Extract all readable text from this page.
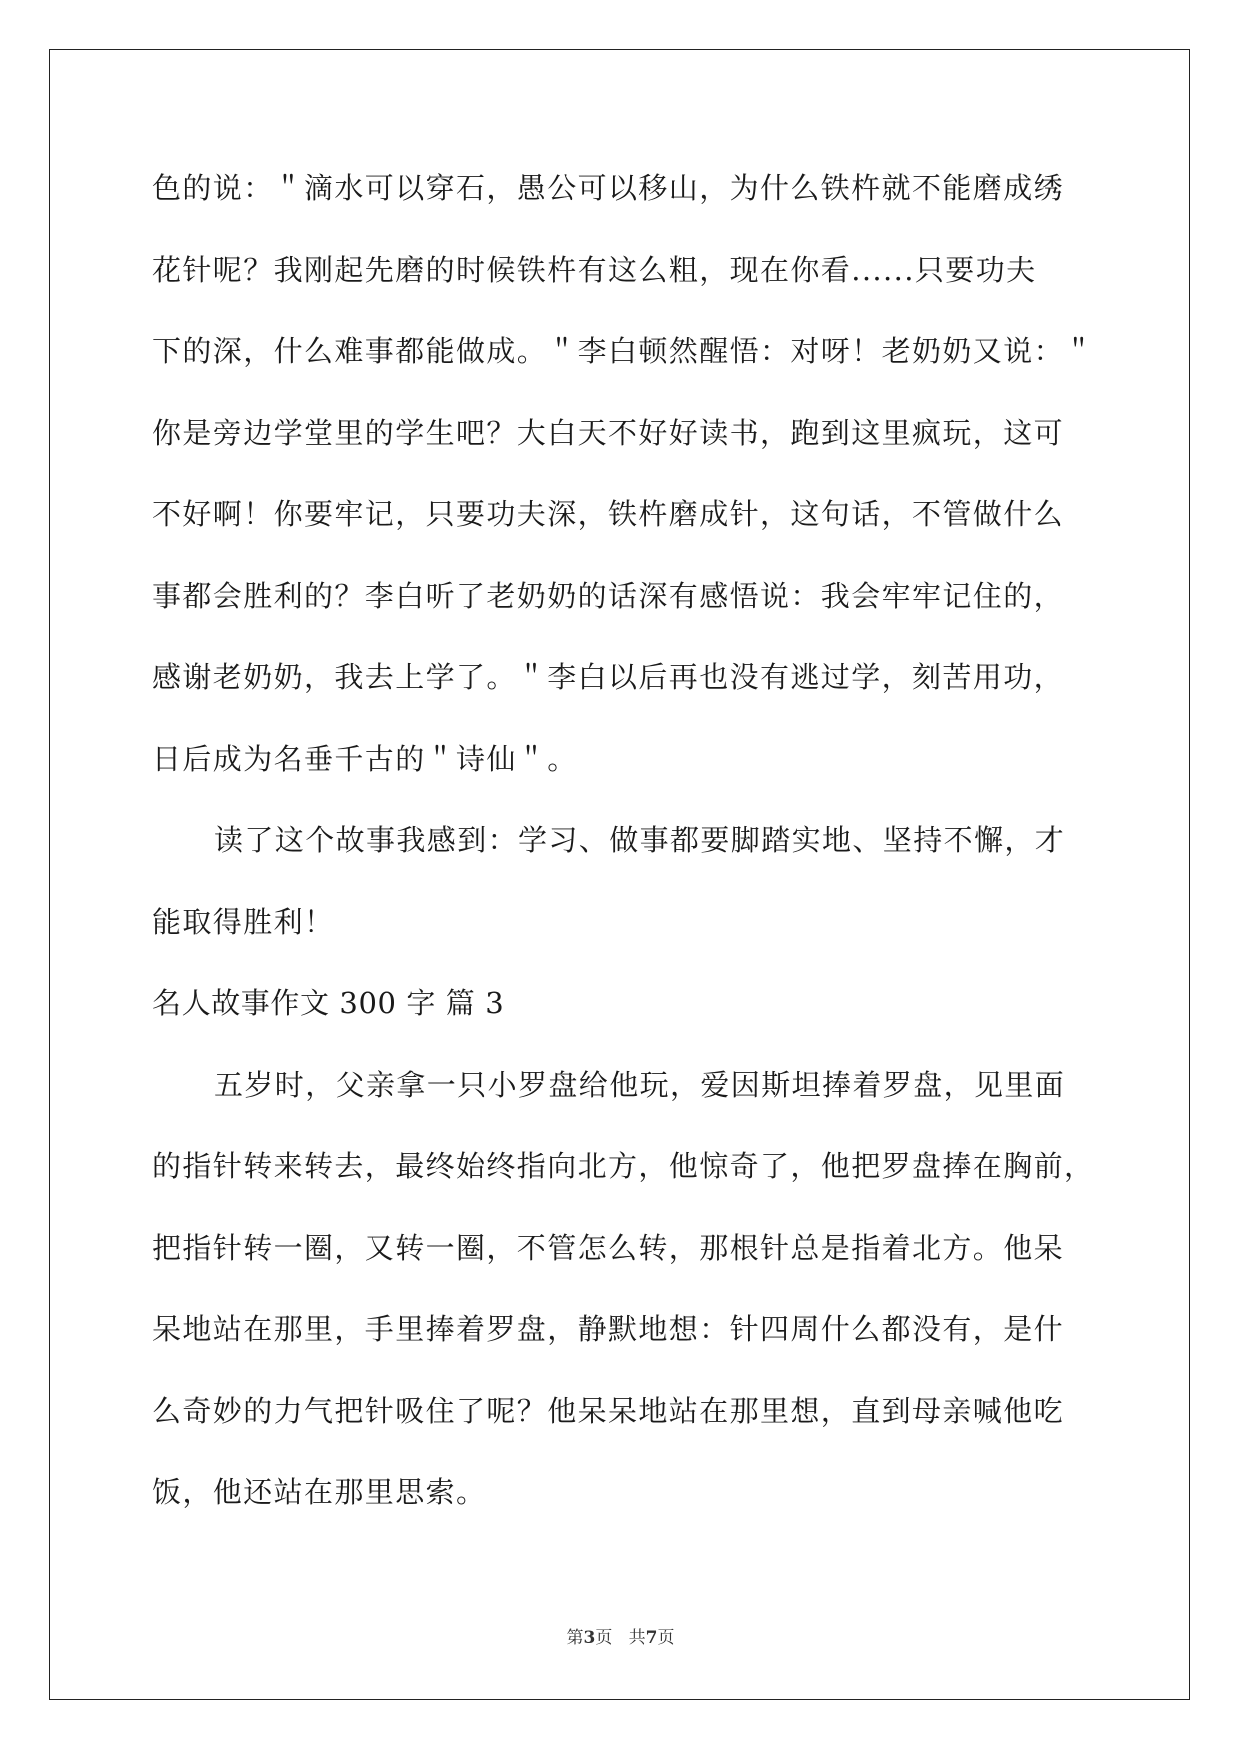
色的说：＂滴水可以穿石，愚公可以移山，为什么铁杵就不能磨成绣
花针呢？我刚起先磨的时候铁杵有这么粗，现在你看......只要功夫
下的深，什么难事都能做成。＂李白顿然醒悟：对呀！老奶奶又说：＂
你是旁边学堂里的学生吧？大白天不好好读书，跑到这里疯玩，这可
不好啊！你要牢记，只要功夫深，铁杵磨成针，这句话，不管做什么
事都会胜利的？李白听了老奶奶的话深有感悟说：我会牢牢记住的，
感谢老奶奶，我去上学了。＂李白以后再也没有逃过学，刻苦用功，
日后成为名垂千古的＂诗仙＂。
读了这个故事我感到：学习、做事都要脚踏实地、坚持不懈，才
能取得胜利！
名人故事作文 300 字 篇 3
五岁时，父亲拿一只小罗盘给他玩，爱因斯坦捧着罗盘，见里面
的指针转来转去，最终始终指向北方，他惊奇了，他把罗盘捧在胸前，
把指针转一圈，又转一圈，不管怎么转，那根针总是指着北方。他呆
呆地站在那里，手里捧着罗盘，静默地想：针四周什么都没有，是什
么奇妙的力气把针吸住了呢？他呆呆地站在那里想，直到母亲喊他吃
饭，他还站在那里思索。
第3页 共7页
